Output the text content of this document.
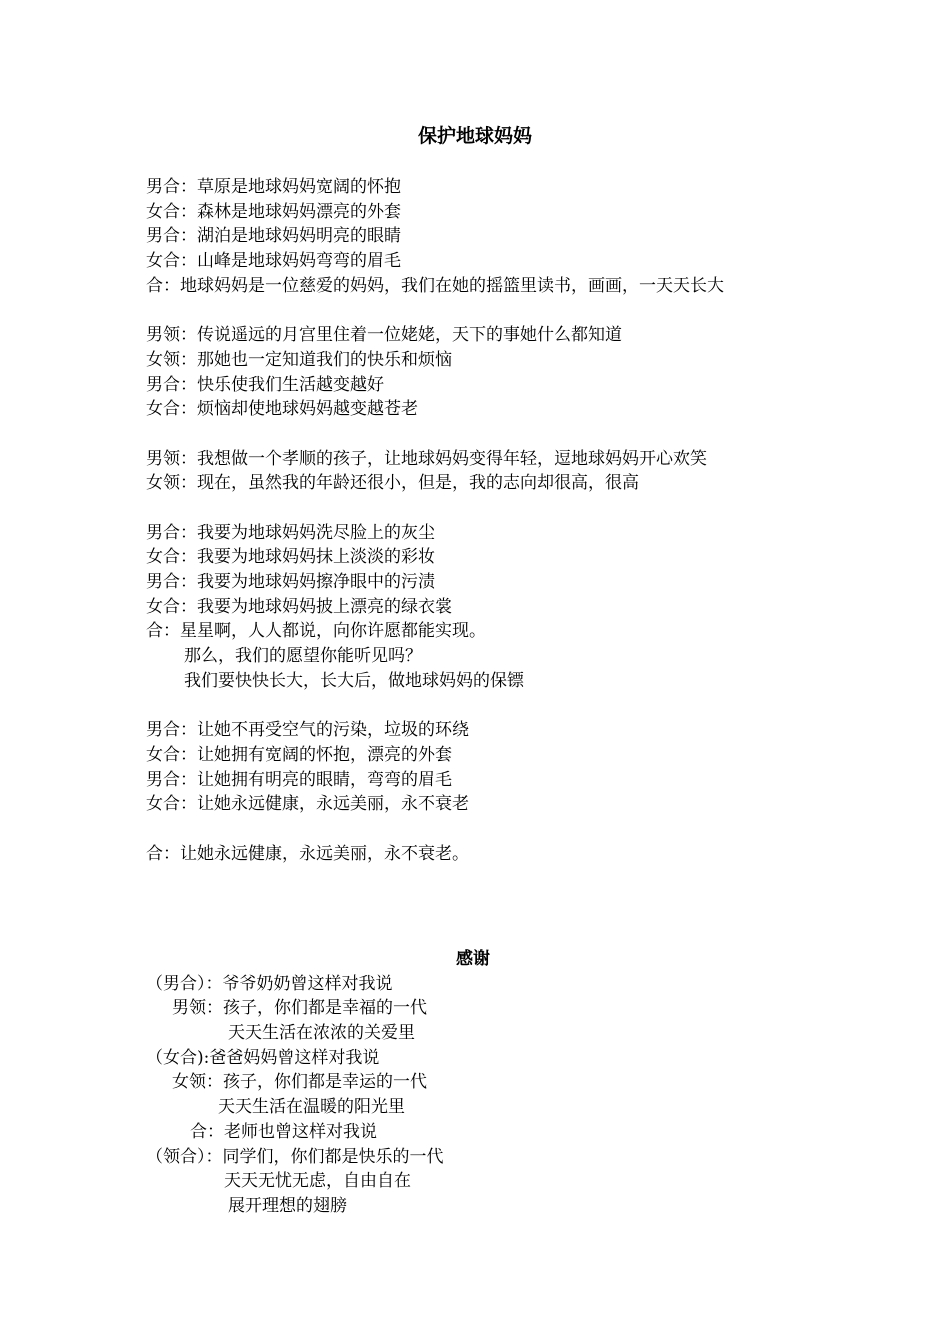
保护地球妈妈
男合：草原是地球妈妈宽阔的怀抱
女合：森林是地球妈妈漂亮的外套
男合：湖泊是地球妈妈明亮的眼睛
女合：山峰是地球妈妈弯弯的眉毛
合：地球妈妈是一位慈爱的妈妈，我们在她的摇篮里读书，画画，一天天长大
男领：传说遥远的月宫里住着一位姥姥，天下的事她什么都知道
女领：那她也一定知道我们的快乐和烦恼
男合：快乐使我们生活越变越好
女合：烦恼却使地球妈妈越变越苍老
男领：我想做一个孝顺的孩子，让地球妈妈变得年轻，逗地球妈妈开心欢笑
女领：现在，虽然我的年龄还很小，但是，我的志向却很高，很高
男合：我要为地球妈妈洗尽脸上的灰尘
女合：我要为地球妈妈抹上淡淡的彩妆
男合：我要为地球妈妈擦净眼中的污渍
女合：我要为地球妈妈披上漂亮的绿衣裳
合：星星啊，人人都说，向你许愿都能实现。
那么，我们的愿望你能听见吗？
我们要快快长大，长大后，做地球妈妈的保镖
男合：让她不再受空气的污染，垃圾的环绕
女合：让她拥有宽阔的怀抱，漂亮的外套
男合：让她拥有明亮的眼睛，弯弯的眉毛
女合：让她永远健康，永远美丽，永不衰老
合：让她永远健康，永远美丽，永不衰老。
感谢
（男合）：爷爷奶奶曾这样对我说
男领：孩子，你们都是幸福的一代
天天生活在浓浓的关爱里
（女合):爸爸妈妈曾这样对我说
女领：孩子，你们都是幸运的一代
天天生活在温暖的阳光里
合：老师也曾这样对我说
（领合）：同学们，你们都是快乐的一代
天天无忧无虑，自由自在
展开理想的翅膀
